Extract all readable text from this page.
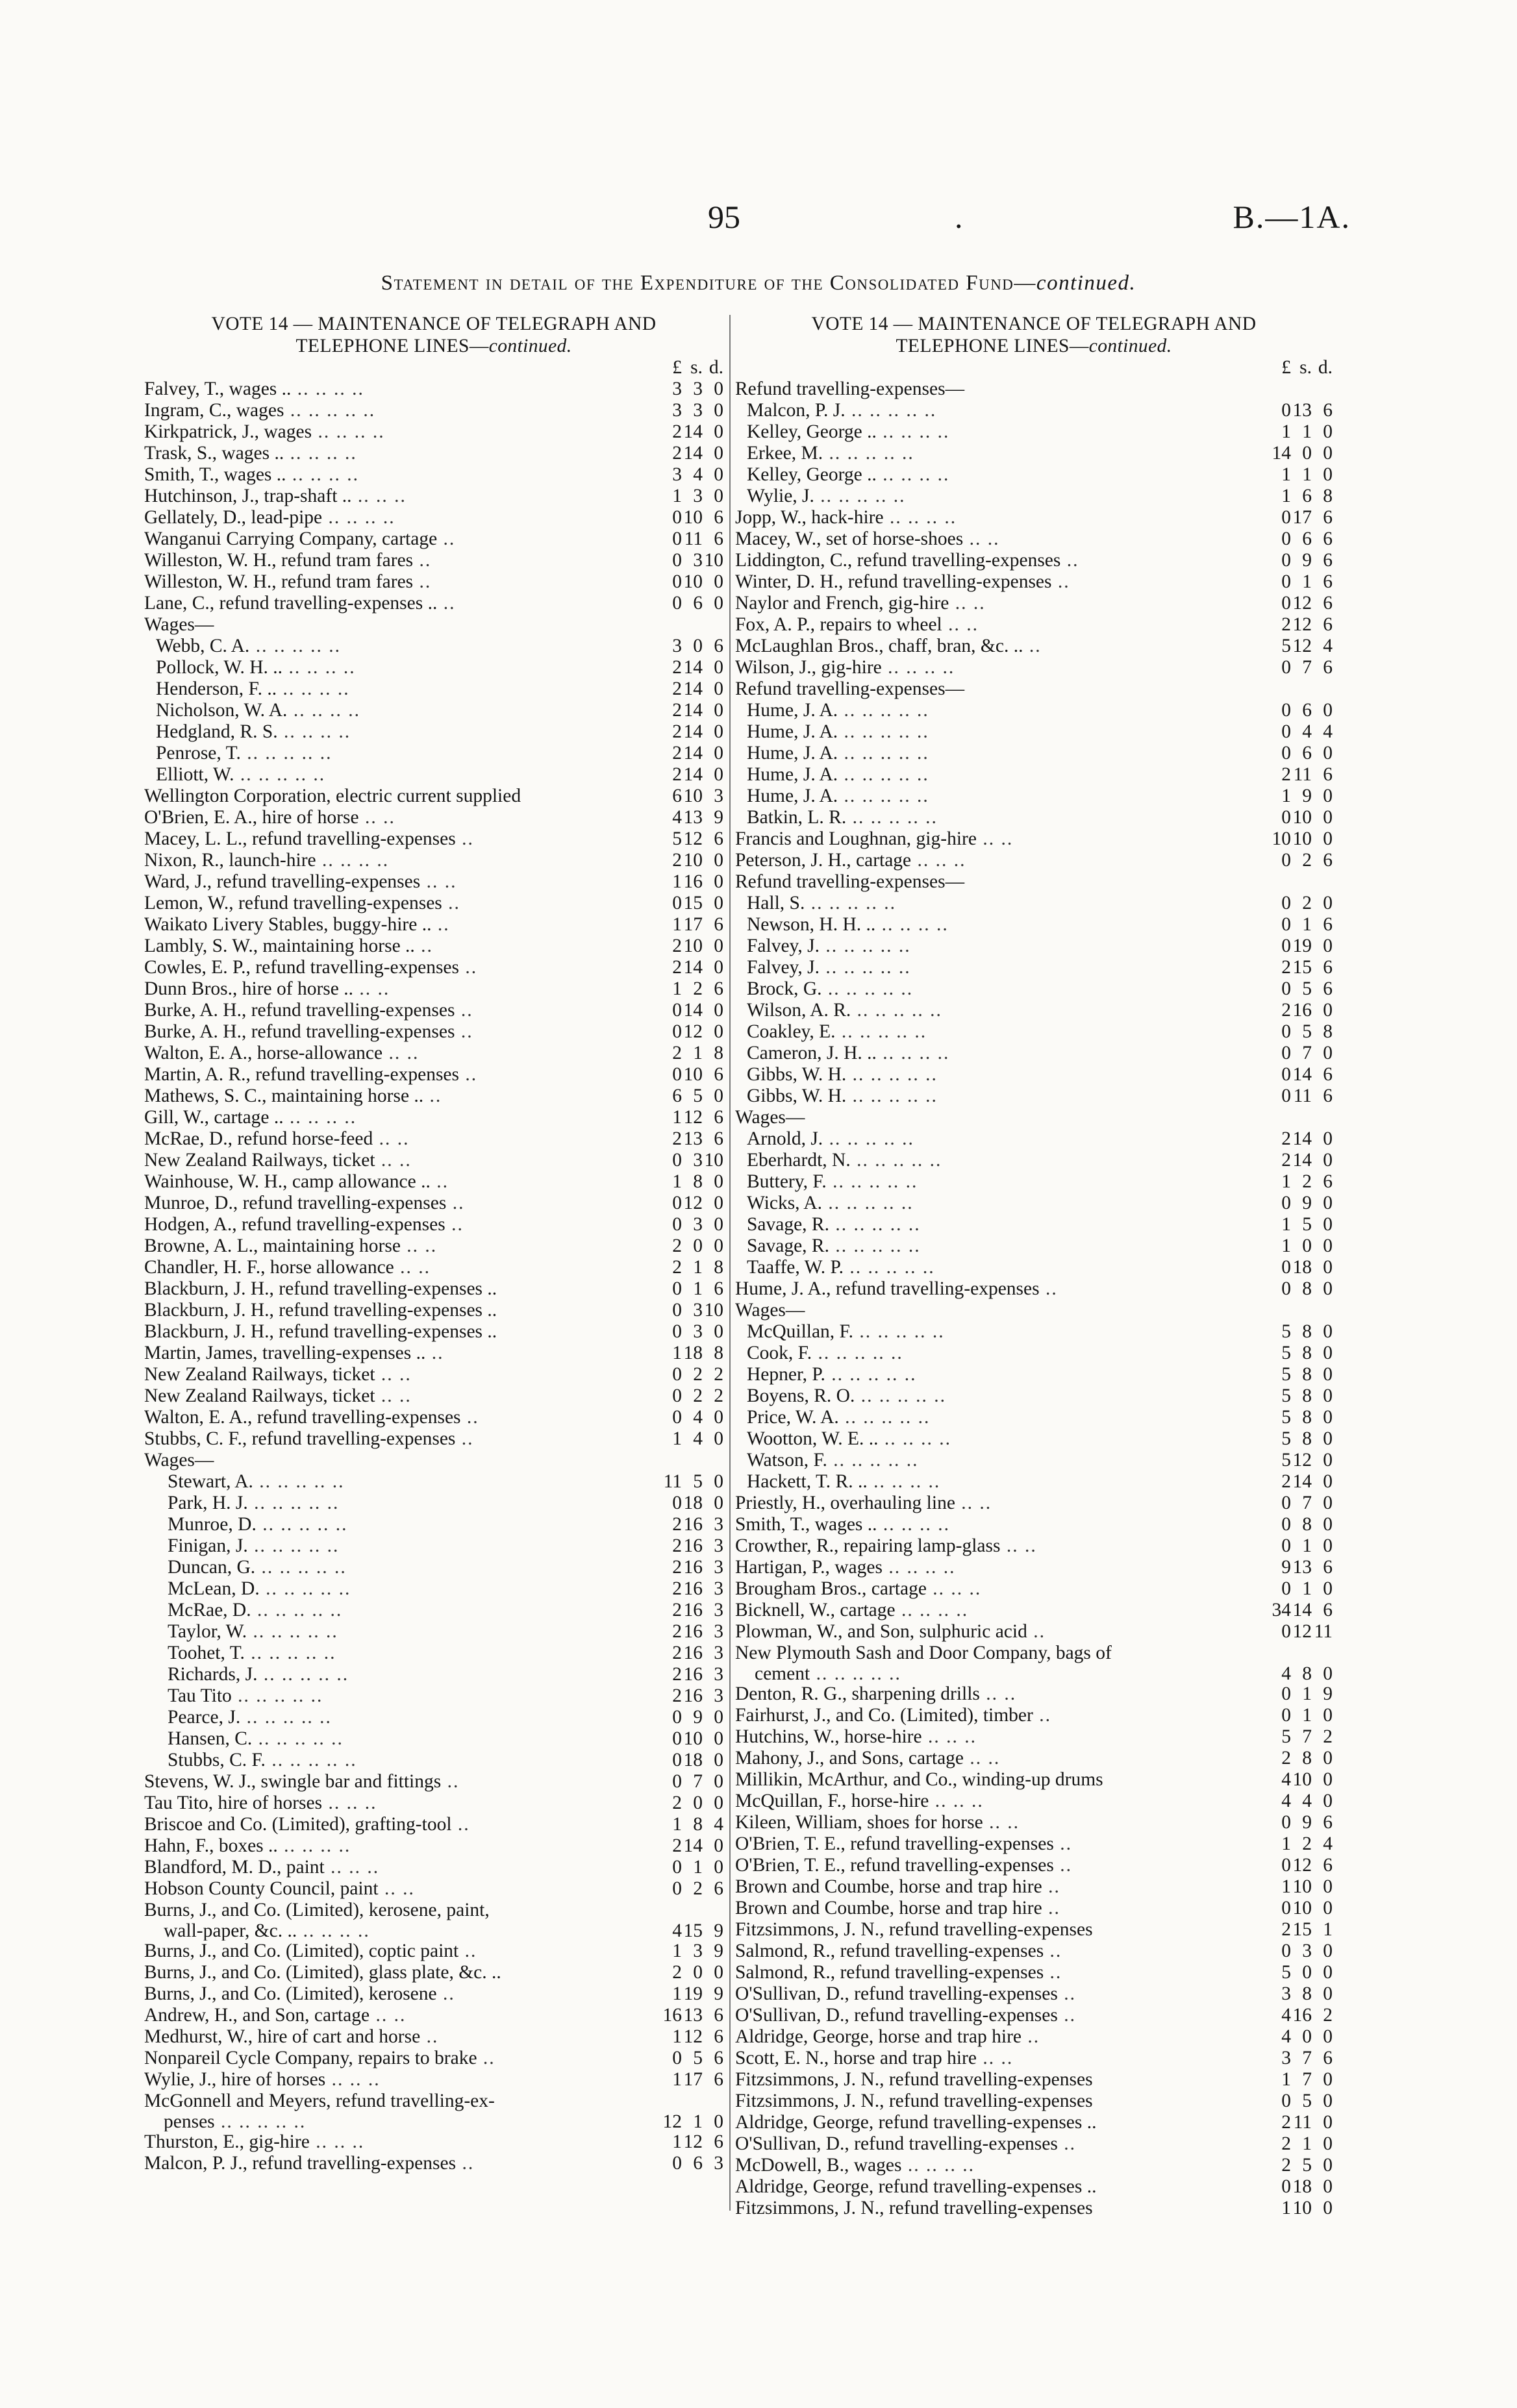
95	.	B.—1A.
Statement in detail of the Expenditure of the Consolidated Fund—continued.
VOTE 14 — MAINTENANCE OF TELEGRAPH AND
TELEPHONE LINES—continued.
£ s. d.
Falvey, T., wages .. .. .. .. ..	3 3 0
Ingram, C., wages .. .. .. .. ..	3 3 0
Kirkpatrick, J., wages .. .. .. ..	2 14 0
Trask, S., wages .. .. .. .. ..	2 14 0
Smith, T., wages .. .. .. .. ..	3 4 0
Hutchinson, J., trap-shaft .. .. .. ..	1 3 0
Gellately, D., lead-pipe .. .. .. ..	0 10 6
Wanganui Carrying Company, cartage ..	0 11 6
Willeston, W. H., refund tram fares ..	0 3 10
Willeston, W. H., refund tram fares ..	0 10 0
Lane, C., refund travelling-expenses .. ..	0 6 0
Wages—
Webb, C. A. .. .. .. .. ..	3 0 6
Pollock, W. H. .. .. .. .. ..	2 14 0
Henderson, F. .. .. .. .. ..	2 14 0
Nicholson, W. A. .. .. .. ..	2 14 0
Hedgland, R. S. .. .. .. ..	2 14 0
Penrose, T. .. .. .. .. ..	2 14 0
Elliott, W. .. .. .. .. ..	2 14 0
Wellington Corporation, electric current supplied	6 10 3
O'Brien, E. A., hire of horse .. ..	4 13 9
Macey, L. L., refund travelling-expenses ..	5 12 6
Nixon, R., launch-hire .. .. .. ..	2 10 0
Ward, J., refund travelling-expenses .. ..	1 16 0
Lemon, W., refund travelling-expenses ..	0 15 0
Waikato Livery Stables, buggy-hire .. ..	1 17 6
Lambly, S. W., maintaining horse .. ..	2 10 0
Cowles, E. P., refund travelling-expenses ..	2 14 0
Dunn Bros., hire of horse .. .. ..	1 2 6
Burke, A. H., refund travelling-expenses ..	0 14 0
Burke, A. H., refund travelling-expenses ..	0 12 0
Walton, E. A., horse-allowance .. ..	2 1 8
Martin, A. R., refund travelling-expenses ..	0 10 6
Mathews, S. C., maintaining horse .. ..	6 5 0
Gill, W., cartage .. .. .. .. ..	1 12 6
McRae, D., refund horse-feed .. ..	2 13 6
New Zealand Railways, ticket .. ..	0 3 10
Wainhouse, W. H., camp allowance .. ..	1 8 0
Munroe, D., refund travelling-expenses ..	0 12 0
Hodgen, A., refund travelling-expenses ..	0 3 0
Browne, A. L., maintaining horse .. ..	2 0 0
Chandler, H. F., horse allowance .. ..	2 1 8
Blackburn, J. H., refund travelling-expenses ..	0 1 6
Blackburn, J. H., refund travelling-expenses ..	0 3 10
Blackburn, J. H., refund travelling-expenses ..	0 3 0
Martin, James, travelling-expenses .. ..	1 18 8
New Zealand Railways, ticket .. ..	0 2 2
New Zealand Railways, ticket .. ..	0 2 2
Walton, E. A., refund travelling-expenses ..	0 4 0
Stubbs, C. F., refund travelling-expenses ..	1 4 0
Wages—
Stewart, A. .. .. .. .. ..	11 5 0
Park, H. J. .. .. .. .. ..	0 18 0
Munroe, D. .. .. .. .. ..	2 16 3
Finigan, J. .. .. .. .. ..	2 16 3
Duncan, G. .. .. .. .. ..	2 16 3
McLean, D. .. .. .. .. ..	2 16 3
McRae, D. .. .. .. .. ..	2 16 3
Taylor, W. .. .. .. .. ..	2 16 3
Toohet, T. .. .. .. .. ..	2 16 3
Richards, J. .. .. .. .. ..	2 16 3
Tau Tito .. .. .. .. ..	2 16 3
Pearce, J. .. .. .. .. ..	0 9 0
Hansen, C. .. .. .. .. ..	0 10 0
Stubbs, C. F. .. .. .. .. ..	0 18 0
Stevens, W. J., swingle bar and fittings ..	0 7 0
Tau Tito, hire of horses .. .. ..	2 0 0
Briscoe and Co. (Limited), grafting-tool ..	1 8 4
Hahn, F., boxes .. .. .. .. ..	2 14 0
Blandford, M. D., paint .. .. ..	0 1 0
Hobson County Council, paint .. ..	0 2 6
Burns, J., and Co. (Limited), kerosene, paint,
wall-paper, &c. .. .. .. .. ..	4 15 9
Burns, J., and Co. (Limited), coptic paint ..	1 3 9
Burns, J., and Co. (Limited), glass plate, &c. ..	2 0 0
Burns, J., and Co. (Limited), kerosene ..	1 19 9
Andrew, H., and Son, cartage .. ..	16 13 6
Medhurst, W., hire of cart and horse ..	1 12 6
Nonpareil Cycle Company, repairs to brake ..	0 5 6
Wylie, J., hire of horses .. .. ..	1 17 6
McGonnell and Meyers, refund travelling-ex-
penses .. .. .. .. ..	12 1 0
Thurston, E., gig-hire .. .. ..	1 12 6
Malcon, P. J., refund travelling-expenses ..	0 6 3
VOTE 14 — MAINTENANCE OF TELEGRAPH AND
TELEPHONE LINES—continued.
£ s. d.
Refund travelling-expenses—
Malcon, P. J. .. .. .. .. ..	0 13 6
Kelley, George .. .. .. .. ..	1 1 0
Erkee, M. .. .. .. .. ..	14 0 0
Kelley, George .. .. .. .. ..	1 1 0
Wylie, J. .. .. .. .. ..	1 6 8
Jopp, W., hack-hire .. .. .. ..	0 17 6
Macey, W., set of horse-shoes .. ..	0 6 6
Liddington, C., refund travelling-expenses ..	0 9 6
Winter, D. H., refund travelling-expenses ..	0 1 6
Naylor and French, gig-hire .. ..	0 12 6
Fox, A. P., repairs to wheel .. ..	2 12 6
McLaughlan Bros., chaff, bran, &c. .. ..	5 12 4
Wilson, J., gig-hire .. .. .. ..	0 7 6
Refund travelling-expenses—
Hume, J. A. .. .. .. .. ..	0 6 0
Hume, J. A. .. .. .. .. ..	0 4 4
Hume, J. A. .. .. .. .. ..	0 6 0
Hume, J. A. .. .. .. .. ..	2 11 6
Hume, J. A. .. .. .. .. ..	1 9 0
Batkin, L. R. .. .. .. .. ..	0 10 0
Francis and Loughnan, gig-hire .. ..	10 10 0
Peterson, J. H., cartage .. .. ..	0 2 6
Refund travelling-expenses—
Hall, S. .. .. .. .. ..	0 2 0
Newson, H. H. .. .. .. .. ..	0 1 6
Falvey, J. .. .. .. .. ..	0 19 0
Falvey, J. .. .. .. .. ..	2 15 6
Brock, G. .. .. .. .. ..	0 5 6
Wilson, A. R. .. .. .. .. ..	2 16 0
Coakley, E. .. .. .. .. ..	0 5 8
Cameron, J. H. .. .. .. .. ..	0 7 0
Gibbs, W. H. .. .. .. .. ..	0 14 6
Gibbs, W. H. .. .. .. .. ..	0 11 6
Wages—
Arnold, J. .. .. .. .. ..	2 14 0
Eberhardt, N. .. .. .. .. ..	2 14 0
Buttery, F. .. .. .. .. ..	1 2 6
Wicks, A. .. .. .. .. ..	0 9 0
Savage, R. .. .. .. .. ..	1 5 0
Savage, R. .. .. .. .. ..	1 0 0
Taaffe, W. P. .. .. .. .. ..	0 18 0
Hume, J. A., refund travelling-expenses ..	0 8 0
Wages—
McQuillan, F. .. .. .. .. ..	5 8 0
Cook, F. .. .. .. .. ..	5 8 0
Hepner, P. .. .. .. .. ..	5 8 0
Boyens, R. O. .. .. .. .. ..	5 8 0
Price, W. A. .. .. .. .. ..	5 8 0
Wootton, W. E. .. .. .. .. ..	5 8 0
Watson, F. .. .. .. .. ..	5 12 0
Hackett, T. R. .. .. .. .. ..	2 14 0
Priestly, H., overhauling line .. ..	0 7 0
Smith, T., wages .. .. .. .. ..	0 8 0
Crowther, R., repairing lamp-glass .. ..	0 1 0
Hartigan, P., wages .. .. .. ..	9 13 6
Brougham Bros., cartage .. .. ..	0 1 0
Bicknell, W., cartage .. .. .. ..	34 14 6
Plowman, W., and Son, sulphuric acid ..	0 12 11
New Plymouth Sash and Door Company, bags of
cement .. .. .. .. ..	4 8 0
Denton, R. G., sharpening drills .. ..	0 1 9
Fairhurst, J., and Co. (Limited), timber ..	0 1 0
Hutchins, W., horse-hire .. .. ..	5 7 2
Mahony, J., and Sons, cartage .. ..	2 8 0
Millikin, McArthur, and Co., winding-up drums	4 10 0
McQuillan, F., horse-hire .. .. ..	4 4 0
Kileen, William, shoes for horse .. ..	0 9 6
O'Brien, T. E., refund travelling-expenses ..	1 2 4
O'Brien, T. E., refund travelling-expenses ..	0 12 6
Brown and Coumbe, horse and trap hire ..	1 10 0
Brown and Coumbe, horse and trap hire ..	0 10 0
Fitzsimmons, J. N., refund travelling-expenses	2 15 1
Salmond, R., refund travelling-expenses ..	0 3 0
Salmond, R., refund travelling-expenses ..	5 0 0
O'Sullivan, D., refund travelling-expenses ..	3 8 0
O'Sullivan, D., refund travelling-expenses ..	4 16 2
Aldridge, George, horse and trap hire ..	4 0 0
Scott, E. N., horse and trap hire .. ..	3 7 6
Fitzsimmons, J. N., refund travelling-expenses	1 7 0
Fitzsimmons, J. N., refund travelling-expenses	0 5 0
Aldridge, George, refund travelling-expenses ..	2 11 0
O'Sullivan, D., refund travelling-expenses ..	2 1 0
McDowell, B., wages .. .. .. ..	2 5 0
Aldridge, George, refund travelling-expenses ..	0 18 0
Fitzsimmons, J. N., refund travelling-expenses	1 10 0
